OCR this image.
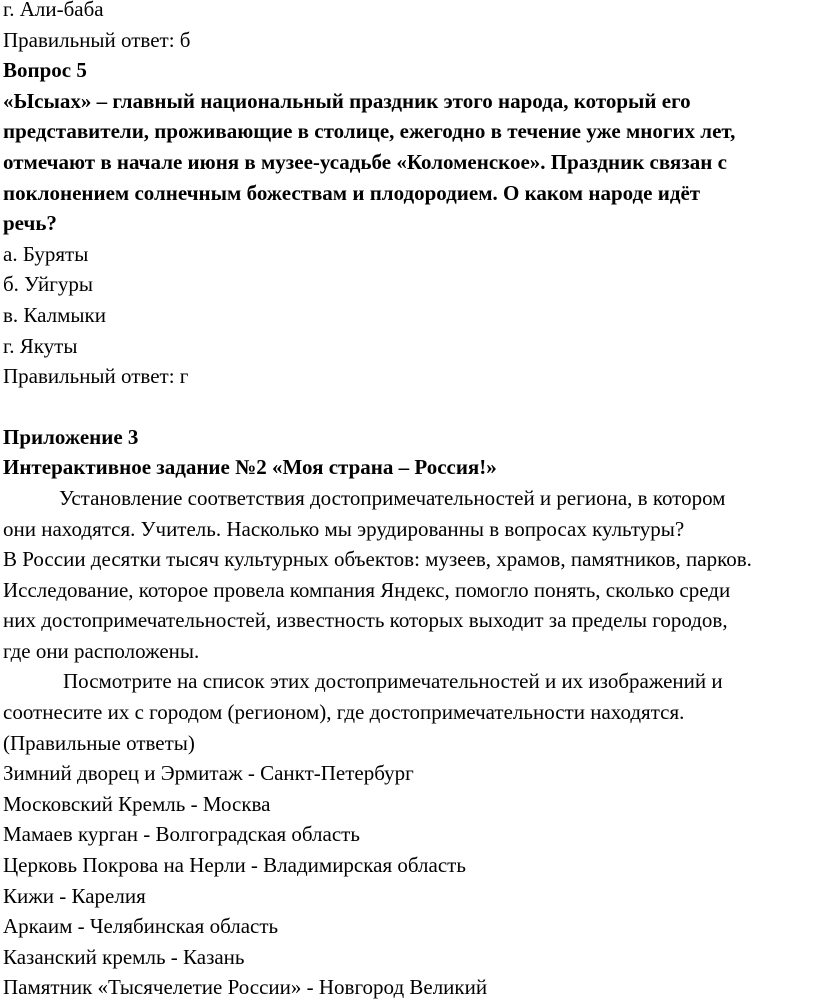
г. Али-баба
Правильный ответ: б
Вопрос 5
«Ысыах» – главный национальный праздник этого народа, который его
представители, проживающие в столице, ежегодно в течение уже многих лет,
отмечают в начале июня в музее-усадьбе «Коломенское». Праздник связан с
поклонением солнечным божествам и плодородием. О каком народе идёт
речь?
а. Буряты
б. Уйгуры
в. Калмыки
г. Якуты
Правильный ответ: г
Приложение 3
Интерактивное задание №2 «Моя страна – Россия!»
Установление соответствия достопримечательностей и региона, в котором
они находятся. Учитель. Насколько мы эрудированны в вопросах культуры?
В России десятки тысяч культурных объектов: музеев, храмов, памятников, парков.
Исследование, которое провела компания Яндекс, помогло понять, сколько среди
них достопримечательностей, известность которых выходит за пределы городов,
где они расположены.
Посмотрите на список этих достопримечательностей и их изображений и
соотнесите их с городом (регионом), где достопримечательности находятся.
(Правильные ответы)
Зимний дворец и Эрмитаж - Санкт-Петербург
Московский Кремль - Москва
Мамаев курган - Волгоградская область
Церковь Покрова на Нерли - Владимирская область
Кижи - Карелия
Аркаим - Челябинская область
Казанский кремль - Казань
Памятник «Тысячелетие России» - Новгород Великий
